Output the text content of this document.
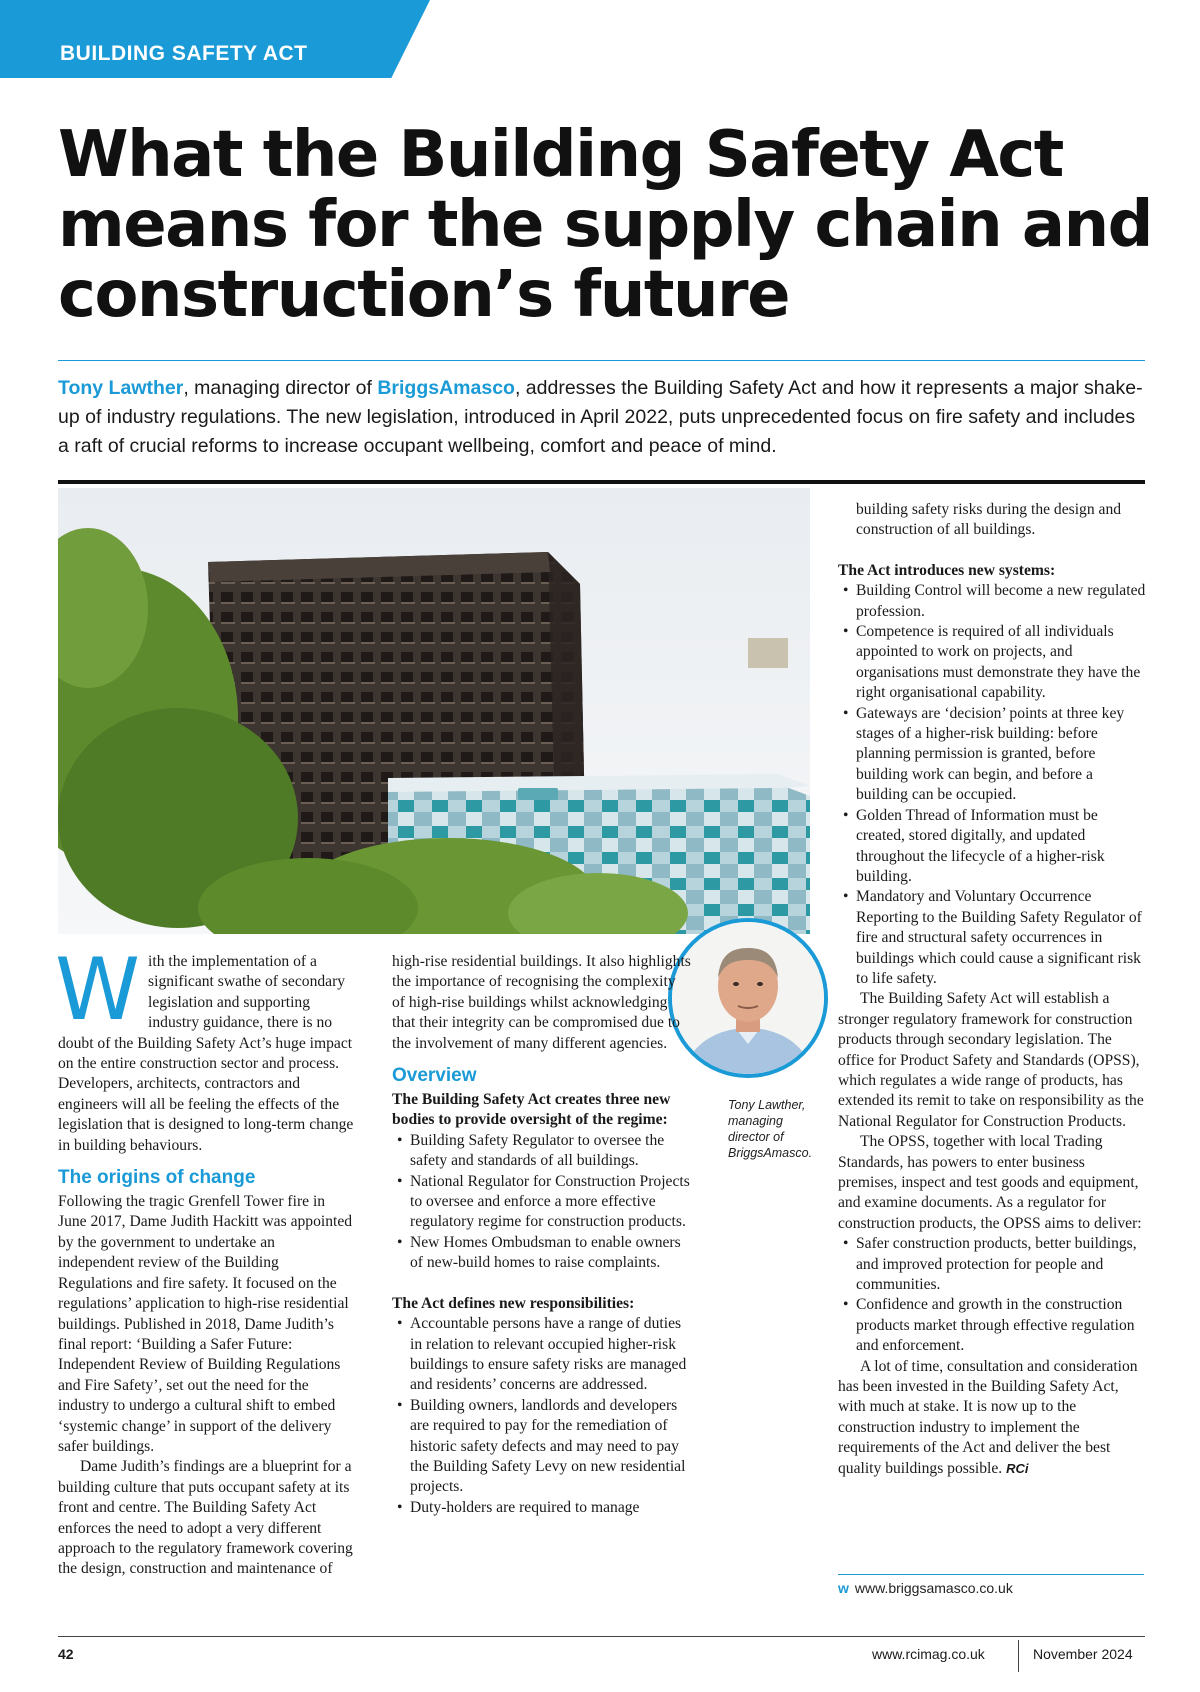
BUILDING SAFETY ACT
What the Building Safety Act
means for the supply chain and
construction’s future

Tony Lawther, managing director of BriggsAmasco, addresses the Building Safety Act and how it represents a major shake-up of industry regulations. The new legislation, introduced in April 2022, puts unprecedented focus on fire safety and includes a raft of crucial reforms to increase occupant wellbeing, comfort and peace of mind.

Tony Lawther, managing director of BriggsAmasco.

With the implementation of a significant swathe of secondary legislation and supporting industry guidance, there is no doubt of the Building Safety Act’s huge impact on the entire construction sector and process. Developers, architects, contractors and engineers will all be feeling the effects of the legislation that is designed to long-term change in building behaviours.

The origins of change

Following the tragic Grenfell Tower fire in June 2017, Dame Judith Hackitt was appointed by the government to undertake an independent review of the Building Regulations and fire safety. It focused on the regulations’ application to high-rise residential buildings. Published in 2018, Dame Judith’s final report: ‘Building a Safer Future: Independent Review of Building Regulations and Fire Safety’, set out the need for the industry to undergo a cultural shift to embed ‘systemic change’ in support of the delivery safer buildings.

Dame Judith’s findings are a blueprint for a building culture that puts occupant safety at its front and centre. The Building Safety Act enforces the need to adopt a very different approach to the regulatory framework covering the design, construction and maintenance of

high-rise residential buildings. It also highlights the importance of recognising the complexity of high-rise buildings whilst acknowledging that their integrity can be compromised due to the involvement of many different agencies.

Overview

The Building Safety Act creates three new bodies to provide oversight of the regime:

• Building Safety Regulator to oversee the safety and standards of all buildings.
• National Regulator for Construction Projects to oversee and enforce a more effective regulatory regime for construction products.
• New Homes Ombudsman to enable owners of new-build homes to raise complaints.

The Act defines new responsibilities:

• Accountable persons have a range of duties in relation to relevant occupied higher-risk buildings to ensure safety risks are managed and residents’ concerns are addressed.
• Building owners, landlords and developers are required to pay for the remediation of historic safety defects and may need to pay the Building Safety Levy on new residential projects.
• Duty-holders are required to manage

building safety risks during the design and construction of all buildings.

The Act introduces new systems:

• Building Control will become a new regulated profession.
• Competence is required of all individuals appointed to work on projects, and organisations must demonstrate they have the right organisational capability.
• Gateways are ‘decision’ points at three key stages of a higher-risk building: before planning permission is granted, before building work can begin, and before a building can be occupied.
• Golden Thread of Information must be created, stored digitally, and updated throughout the lifecycle of a higher-risk building.
• Mandatory and Voluntary Occurrence Reporting to the Building Safety Regulator of fire and structural safety occurrences in buildings which could cause a significant risk to life safety.

The Building Safety Act will establish a stronger regulatory framework for construction products through secondary legislation. The office for Product Safety and Standards (OPSS), which regulates a wide range of products, has extended its remit to take on responsibility as the National Regulator for Construction Products.

The OPSS, together with local Trading Standards, has powers to enter business premises, inspect and test goods and equipment, and examine documents. As a regulator for construction products, the OPSS aims to deliver:

• Safer construction products, better buildings, and improved protection for people and communities.
• Confidence and growth in the construction products market through effective regulation and enforcement.

A lot of time, consultation and consideration has been invested in the Building Safety Act, with much at stake. It is now up to the construction industry to implement the requirements of the Act and deliver the best quality buildings possible. RCi

w www.briggsamasco.co.uk
42	www.rcimag.co.uk	November 2024
